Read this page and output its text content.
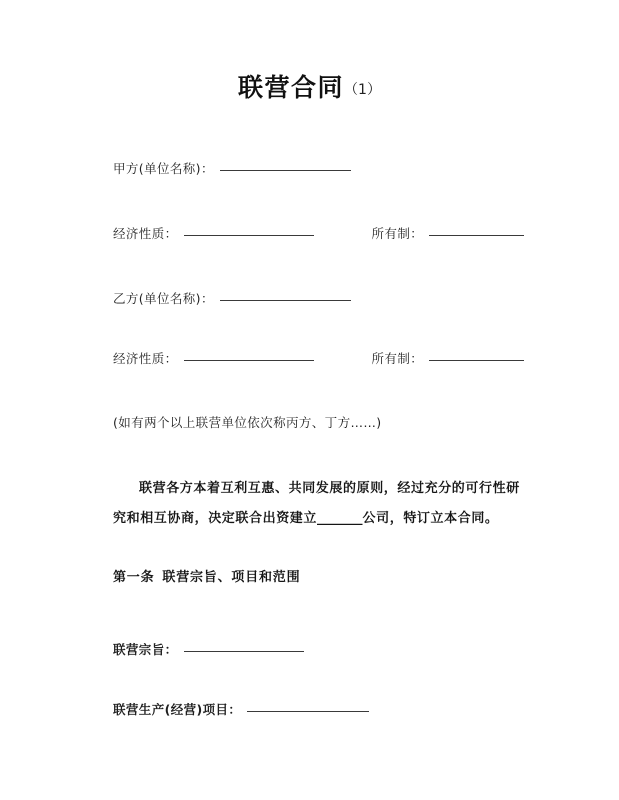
联营合同（1）
甲方(单位名称)：
经济性质：	所有制：
乙方(单位名称)：
经济性质：	所有制：
(如有两个以上联营单位依次称丙方、丁方……)
联营各方本着互利互惠、共同发展的原则，经过充分的可行性研究和相互协商，决定联合出资建立_______公司，特订立本合同。
第一条 联营宗旨、项目和范围
联营宗旨：
联营生产(经营)项目：
